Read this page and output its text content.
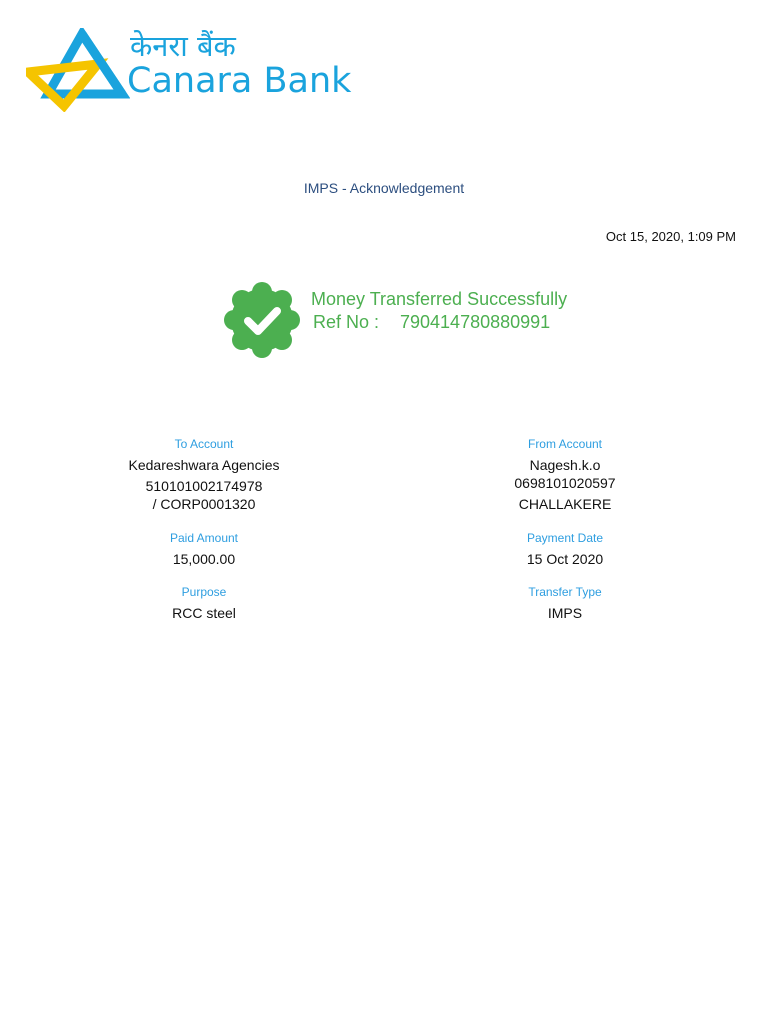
केनरा बैंक
Canara Bank
IMPS - Acknowledgement
Oct 15, 2020, 1:09 PM
Money Transferred Successfully
Ref No : 790414780880991
To Account
Kedareshwara Agencies
510101002174978
/ CORP0001320
Paid Amount
15,000.00
Purpose
RCC steel
From Account
Nagesh.k.o
0698101020597
CHALLAKERE
Payment Date
15 Oct 2020
Transfer Type
IMPS
